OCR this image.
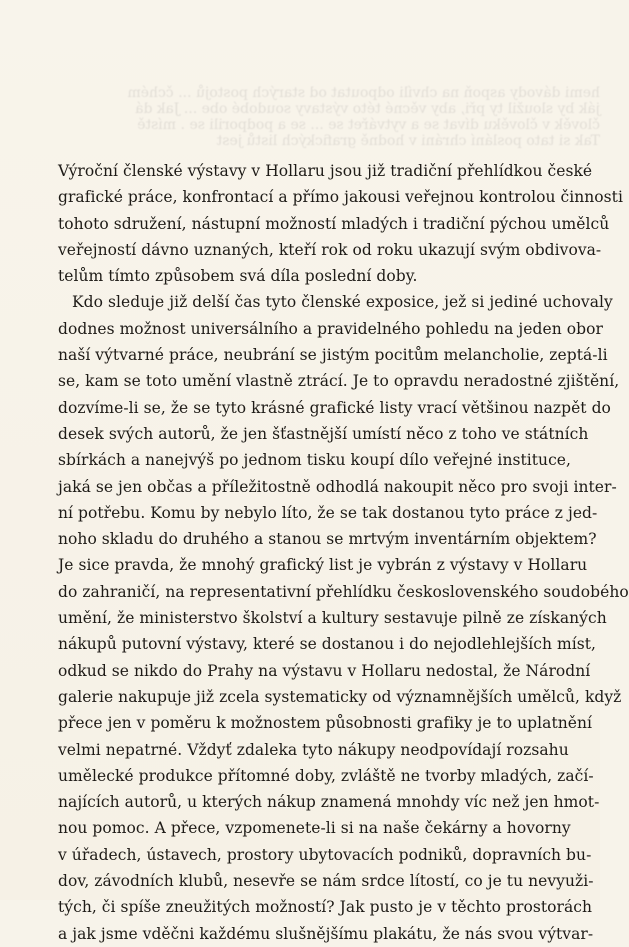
hemi dávody aspoň na chvíli odpoutat od starých postojů ... čchém
ják by sloužil ty při, aby věcné této výstavy soudobé obe ... Jak dá
člověk v člověku dívat se a vytvářet se ... se a podporili se . místě
Tak si tato poslání chráni v hodně grafických listů jest
Výroční členské výstavy v Hollaru jsou již tradiční přehlídkou české
grafické práce, konfrontací a přímo jakousi veřejnou kontrolou činnosti
tohoto sdružení, nástupní možností mladých i tradiční pýchou umělců
veřejností dávno uznaných, kteří rok od roku ukazují svým obdivova-
telům tímto způsobem svá díla poslední doby.
Kdo sleduje již delší čas tyto členské exposice, jež si jediné uchovaly
dodnes možnost universálního a pravidelného pohledu na jeden obor
naší výtvarné práce, neubrání se jistým pocitům melancholie, zeptá-li
se, kam se toto umění vlastně ztrácí. Je to opravdu neradostné zjištění,
dozvíme-li se, že se tyto krásné grafické listy vrací většinou nazpět do
desek svých autorů, že jen šťastnější umístí něco z toho ve státních
sbírkách a nanejvýš po jednom tisku koupí dílo veřejné instituce,
jaká se jen občas a příležitostně odhodlá nakoupit něco pro svoji inter-
ní potřebu. Komu by nebylo líto, že se tak dostanou tyto práce z jed-
noho skladu do druhého a stanou se mrtvým inventárním objektem?
Je sice pravda, že mnohý grafický list je vybrán z výstavy v Hollaru
do zahraničí, na representativní přehlídku československého soudobého
umění, že ministerstvo školství a kultury sestavuje pilně ze získaných
nákupů putovní výstavy, které se dostanou i do nejodlehlejších míst,
odkud se nikdo do Prahy na výstavu v Hollaru nedostal, že Národní
galerie nakupuje již zcela systematicky od významnějších umělců, když
přece jen v poměru k možnostem působnosti grafiky je to uplatnění
velmi nepatrné. Vždyť zdaleka tyto nákupy neodpovídají rozsahu
umělecké produkce přítomné doby, zvláště ne tvorby mladých, začí-
najících autorů, u kterých nákup znamená mnohdy víc než jen hmot-
nou pomoc. A přece, vzpomenete-li si na naše čekárny a hovorny
v úřadech, ústavech, prostory ubytovacích podniků, dopravních bu-
dov, závodních klubů, nesevře se nám srdce lítostí, co je tu nevyuži-
tých, či spíše zneužitých možností? Jak pusto je v těchto prostorách
a jak jsme vděčni každému slušnějšímu plakátu, že nás svou výtvar-
